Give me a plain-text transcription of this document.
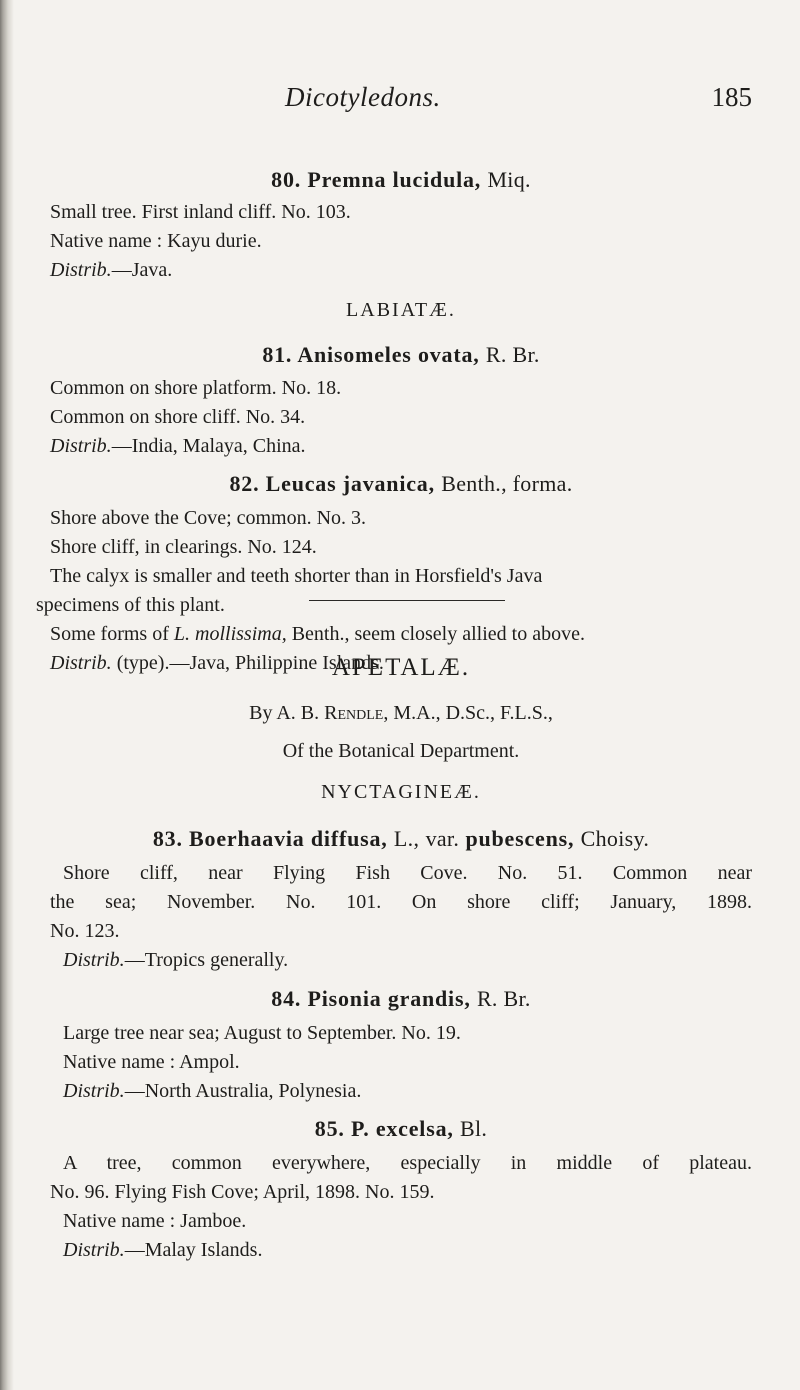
Dicotyledons.	185

80. Premna lucidula, Miq.

Small tree. First inland cliff. No. 103.

Native name : Kayu durie.

Distrib.—Java.

LABIATÆ.

81. Anisomeles ovata, R. Br.

Common on shore platform. No. 18.

Common on shore cliff. No. 34.

Distrib.—India, Malaya, China.

82. Leucas javanica, Benth., forma.

Shore above the Cove; common. No. 3.

Shore cliff, in clearings. No. 124.

The calyx is smaller and teeth shorter than in Horsfield's Java

specimens of this plant.

Some forms of L. mollissima, Benth., seem closely allied to above.

Distrib. (type).—Java, Philippine Islands.

APETALÆ.

By A. B. Rendle, M.A., D.Sc., F.L.S.,

Of the Botanical Department.

NYCTAGINEÆ.

83. Boerhaavia diffusa, L., var. pubescens, Choisy.

Shore cliff, near Flying Fish Cove. No. 51. Common near

the sea; November. No. 101. On shore cliff; January, 1898.

No. 123.

Distrib.—Tropics generally.

84. Pisonia grandis, R. Br.

Large tree near sea; August to September. No. 19.

Native name : Ampol.

Distrib.—North Australia, Polynesia.

85. P. excelsa, Bl.

A tree, common everywhere, especially in middle of plateau.

No. 96. Flying Fish Cove; April, 1898. No. 159.

Native name : Jamboe.

Distrib.—Malay Islands.
